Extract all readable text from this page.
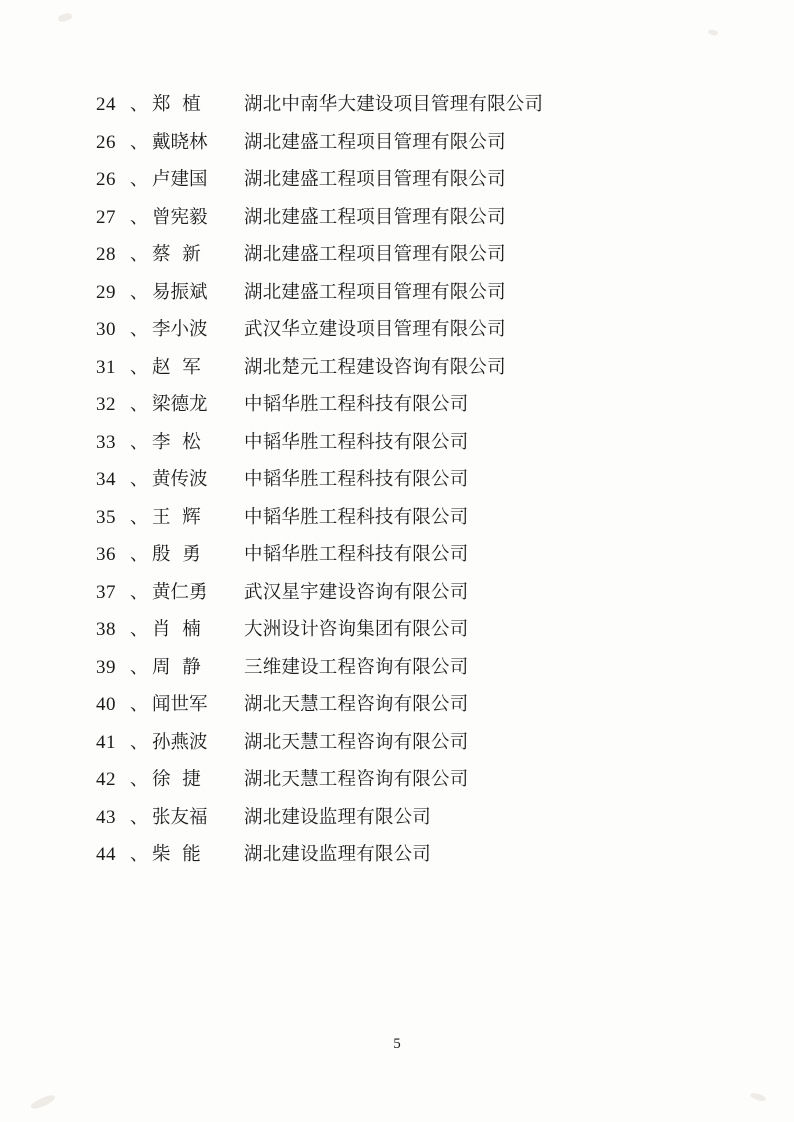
24 、 郑  植	湖北中南华大建设项目管理有限公司
26 、 戴晓林	湖北建盛工程项目管理有限公司
26 、 卢建国	湖北建盛工程项目管理有限公司
27 、 曾宪毅	湖北建盛工程项目管理有限公司
28 、 蔡  新	湖北建盛工程项目管理有限公司
29 、 易振斌	湖北建盛工程项目管理有限公司
30 、 李小波	武汉华立建设项目管理有限公司
31 、 赵  军	湖北楚元工程建设咨询有限公司
32 、 梁德龙	中韬华胜工程科技有限公司
33 、 李  松	中韬华胜工程科技有限公司
34 、 黄传波	中韬华胜工程科技有限公司
35 、 王  辉	中韬华胜工程科技有限公司
36 、 殷  勇	中韬华胜工程科技有限公司
37 、 黄仁勇	武汉星宇建设咨询有限公司
38 、 肖  楠	大洲设计咨询集团有限公司
39 、 周  静	三维建设工程咨询有限公司
40 、 闻世军	湖北天慧工程咨询有限公司
41 、 孙燕波	湖北天慧工程咨询有限公司
42 、 徐  捷	湖北天慧工程咨询有限公司
43 、 张友福	湖北建设监理有限公司
44 、 柴  能	湖北建设监理有限公司
5
